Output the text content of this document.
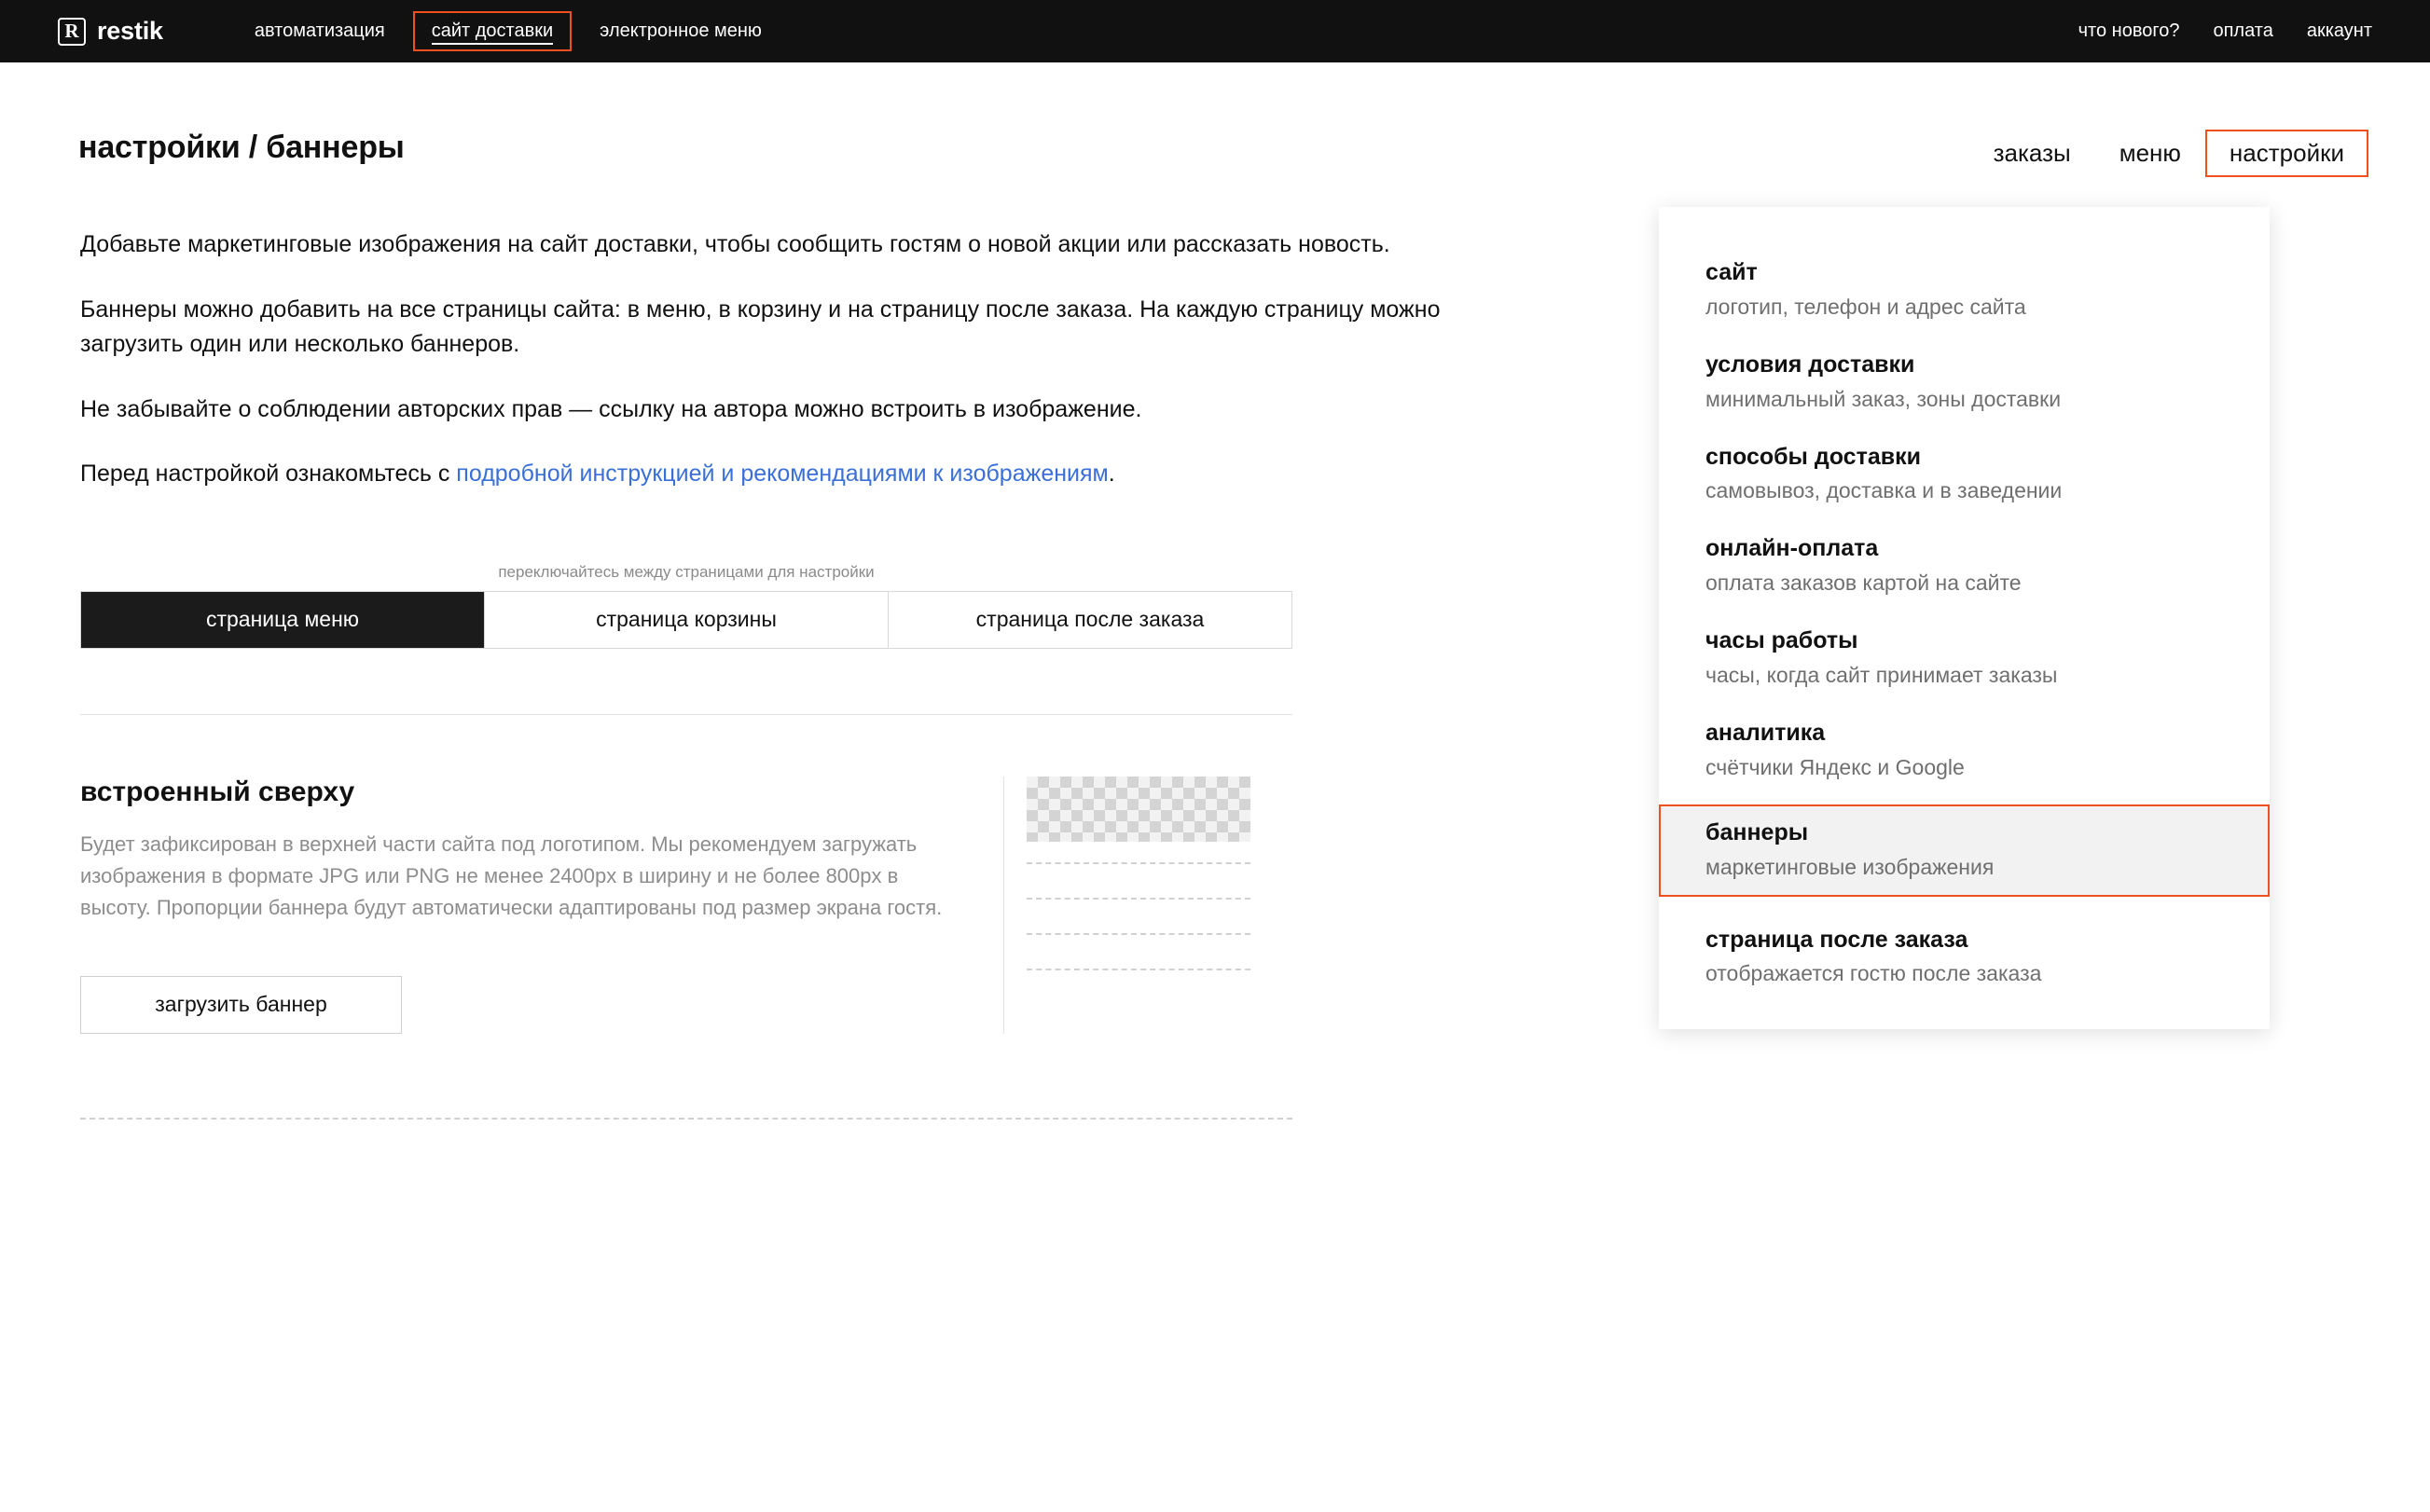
R restik	автоматизация	сайт доставки	электронное меню	что нового? оплата аккаунт
настройки / баннеры	заказы	меню	настройки
Добавьте маркетинговые изображения на сайт доставки, чтобы сообщить гостям о новой акции или рассказать новость.
Баннеры можно добавить на все страницы сайта: в меню, в корзину и на страницу после заказа. На каждую страницу можно загрузить один или несколько баннеров.
Не забывайте о соблюдении авторских прав — ссылку на автора можно встроить в изображение.
Перед настройкой ознакомьтесь с подробной инструкцией и рекомендациями к изображениям.
переключайтесь между страницами для настройки
страница меню	страница корзины	страница после заказа
встроенный сверху
Будет зафиксирован в верхней части сайта под логотипом. Мы рекомендуем загружать изображения в формате JPG или PNG не менее 2400px в ширину и не более 800px в высоту. Пропорции баннера будут автоматически адаптированы под размер экрана гостя.
загрузить баннер
сайт
логотип, телефон и адрес сайта
условия доставки
минимальный заказ, зоны доставки
способы доставки
самовывоз, доставка и в заведении
онлайн-оплата
оплата заказов картой на сайте
часы работы
часы, когда сайт принимает заказы
аналитика
счётчики Яндекс и Google
баннеры
маркетинговые изображения
страница после заказа
отображается гостю после заказа
